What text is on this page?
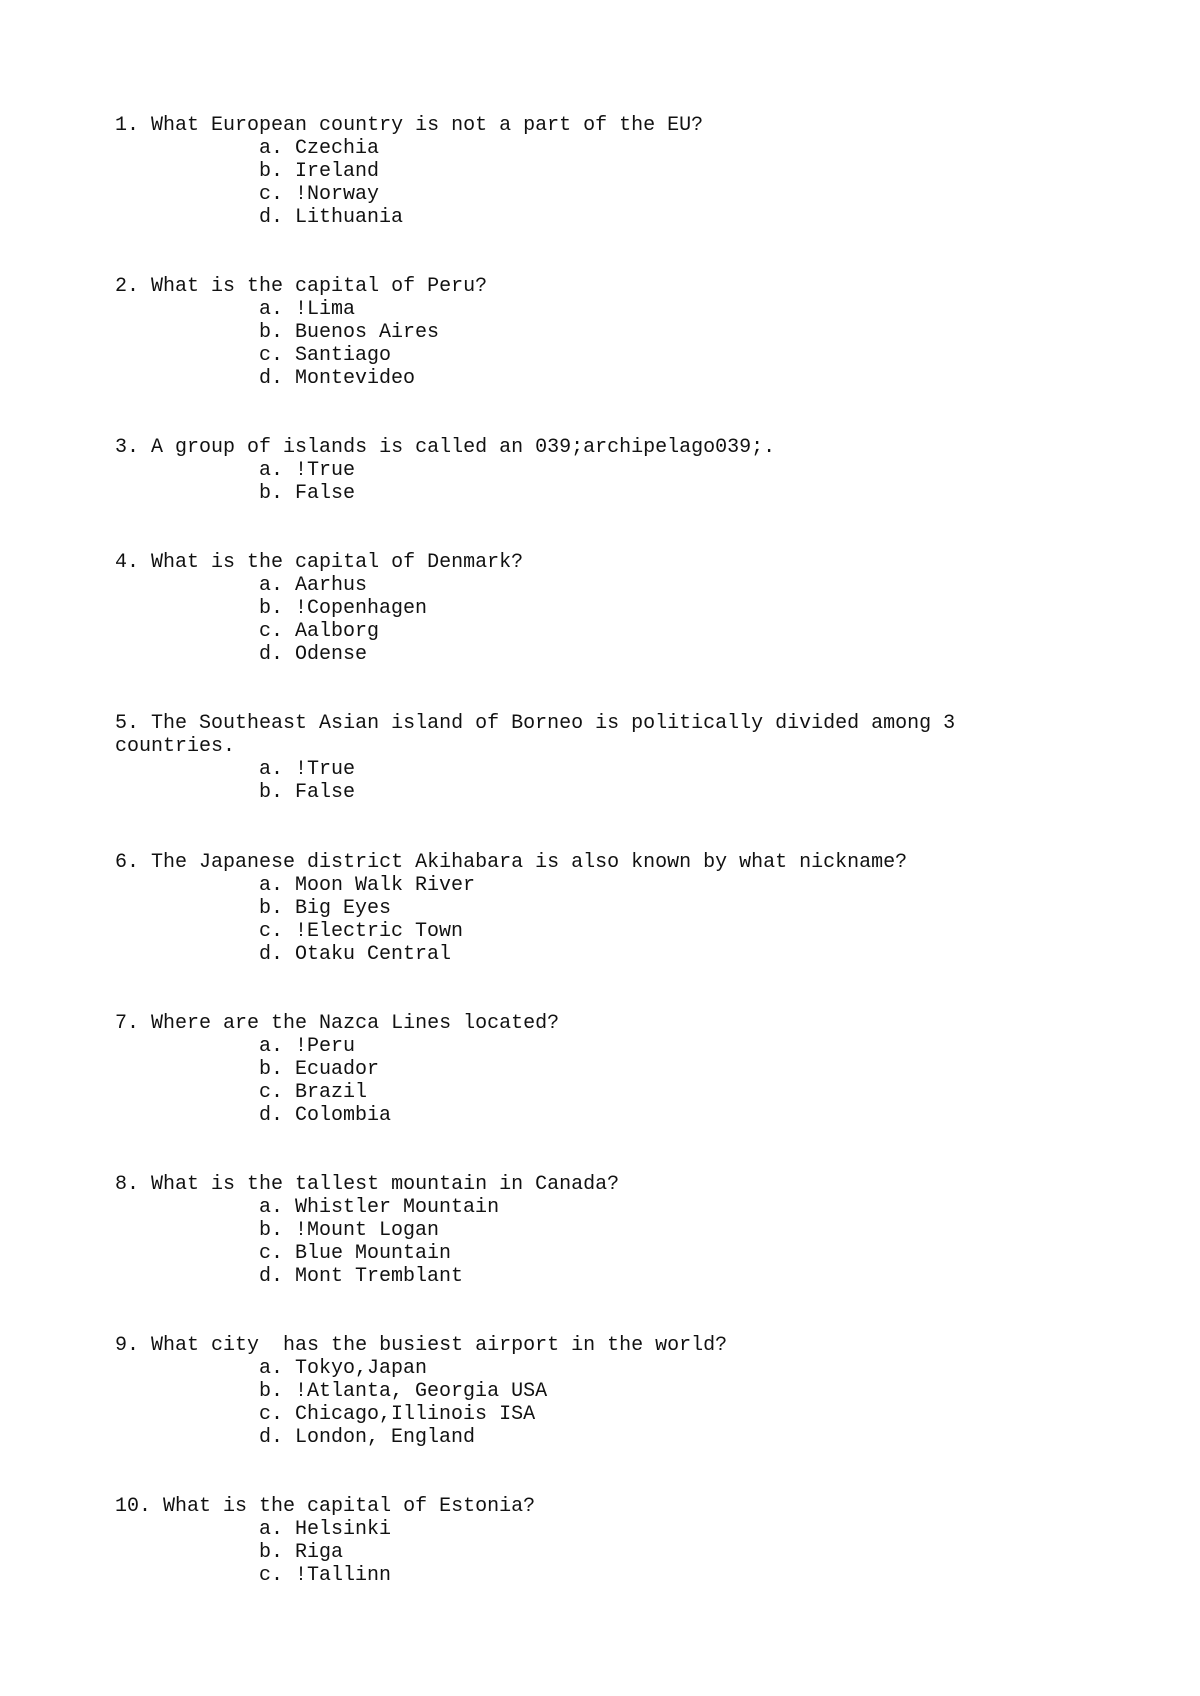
1. What European country is not a part of the EU?
a. Czechia
b. Ireland
c. !Norway
d. Lithuania
2. What is the capital of Peru?
a. !Lima
b. Buenos Aires
c. Santiago
d. Montevideo
3. A group of islands is called an 039;archipelago039;.
a. !True
b. False
4. What is the capital of Denmark?
a. Aarhus
b. !Copenhagen
c. Aalborg
d. Odense
5. The Southeast Asian island of Borneo is politically divided among 3
countries.
a. !True
b. False
6. The Japanese district Akihabara is also known by what nickname?
a. Moon Walk River
b. Big Eyes
c. !Electric Town
d. Otaku Central
7. Where are the Nazca Lines located?
a. !Peru
b. Ecuador
c. Brazil
d. Colombia
8. What is the tallest mountain in Canada?
a. Whistler Mountain
b. !Mount Logan
c. Blue Mountain
d. Mont Tremblant
9. What city  has the busiest airport in the world?
a. Tokyo,Japan
b. !Atlanta, Georgia USA
c. Chicago,Illinois ISA
d. London, England
10. What is the capital of Estonia?
a. Helsinki
b. Riga
c. !Tallinn
